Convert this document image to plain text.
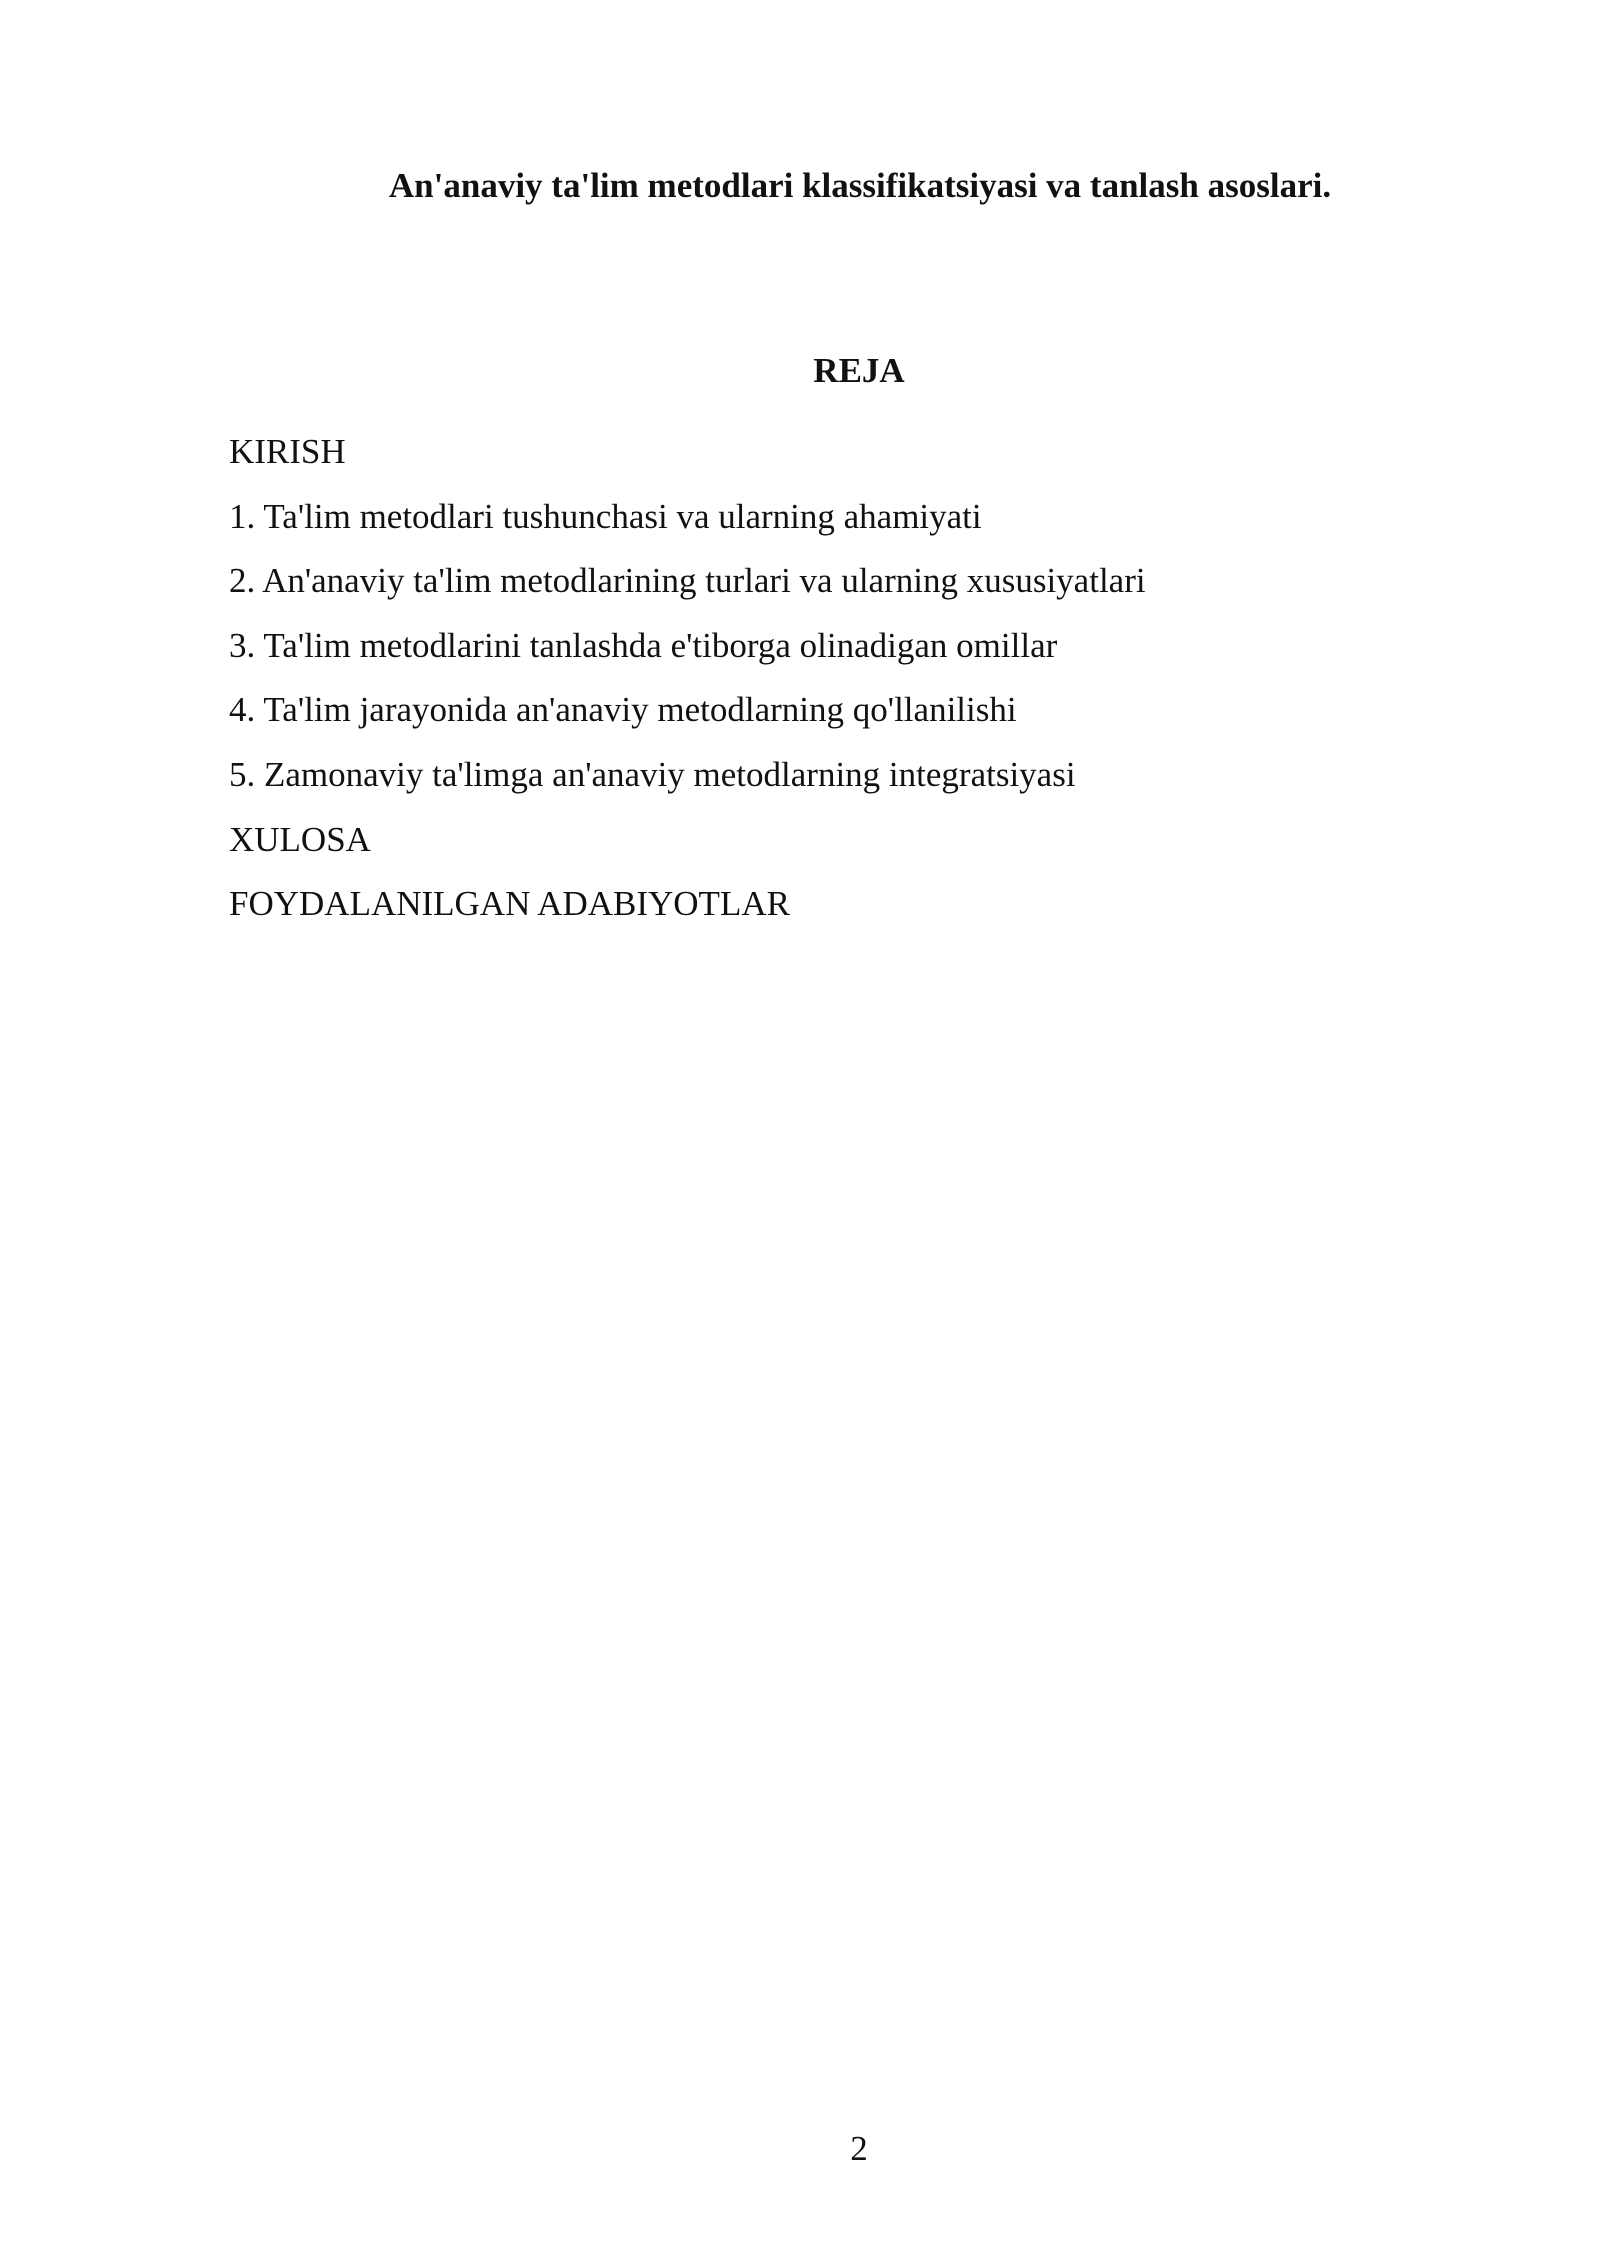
An'anaviy ta'lim metodlari klassifikatsiyasi va tanlash asoslari.
REJA
KIRISH
1. Ta'lim metodlari tushunchasi va ularning ahamiyati
2. An'anaviy ta'lim metodlarining turlari va ularning xususiyatlari
3. Ta'lim metodlarini tanlashda e'tiborga olinadigan omillar
4. Ta'lim jarayonida an'anaviy metodlarning qo'llanilishi
5. Zamonaviy ta'limga an'anaviy metodlarning integratsiyasi
XULOSA
FOYDALANILGAN ADABIYOTLAR

2
